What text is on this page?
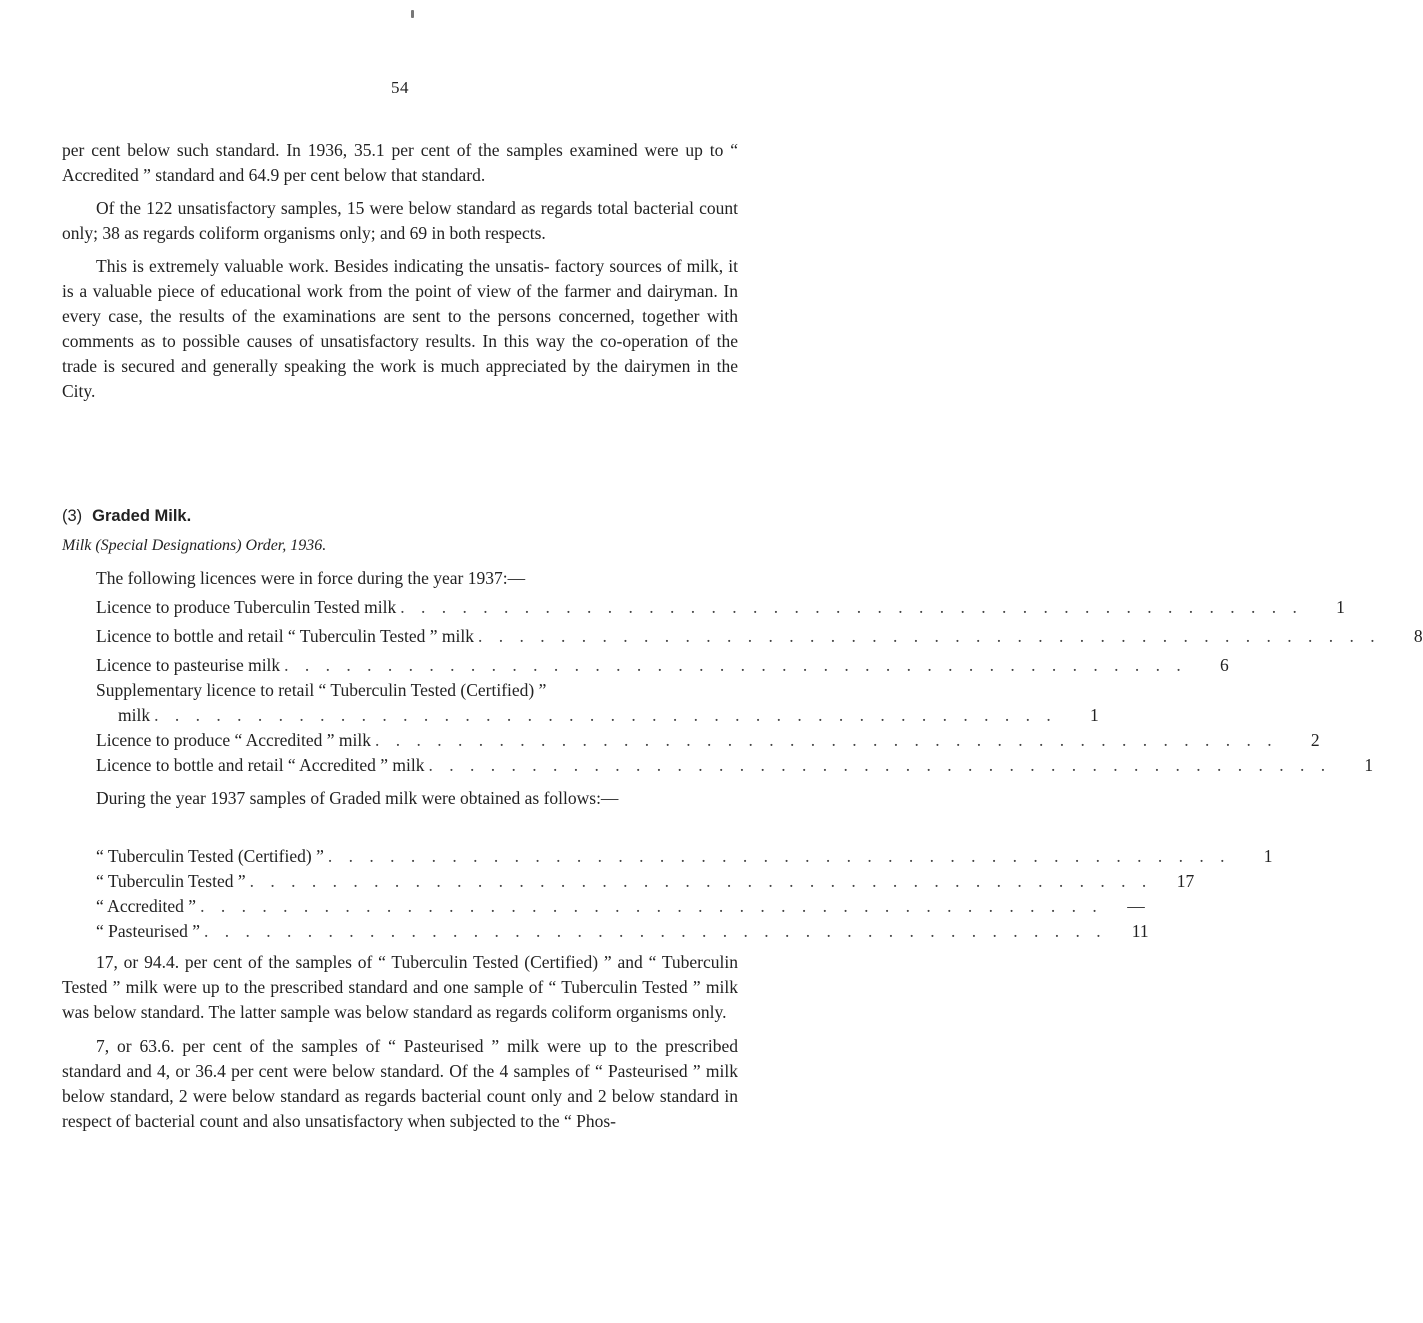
54

per cent below such standard. In 1936, 35.1 per cent of the samples examined were up to “ Accredited ” standard and 64.9 per cent below that standard.

Of the 122 unsatisfactory samples, 15 were below standard as regards total bacterial count only; 38 as regards coliform organisms only; and 69 in both respects.

This is extremely valuable work. Besides indicating the unsatis- factory sources of milk, it is a valuable piece of educational work from the point of view of the farmer and dairyman. In every case, the results of the examinations are sent to the persons concerned, together with comments as to possible causes of unsatisfactory results. In this way the co-operation of the trade is secured and generally speaking the work is much appreciated by the dairymen in the City.

(3) Graded Milk.
Milk (Special Designations) Order, 1936.
The following licences were in force during the year 1937:—
Licence to produce Tuberculin Tested milk . . . . . . . . . . . . . . . . . . . . . . . . . . . . . . . . . . . . . . . . . . . .	1
Licence to bottle and retail “ Tuberculin Tested ” milk . . . . . . . . . . . . . . . . . . . . . . . . . . . . . . . . . . . . . . . . . . . .	8
Licence to pasteurise milk . . . . . . . . . . . . . . . . . . . . . . . . . . . . . . . . . . . . . . . . . . . .	6
Supplementary licence to retail “ Tuberculin Tested (Certified) ”
milk . . . . . . . . . . . . . . . . . . . . . . . . . . . . . . . . . . . . . . . . . . . .	1
Licence to produce “ Accredited ” milk . . . . . . . . . . . . . . . . . . . . . . . . . . . . . . . . . . . . . . . . . . . .	2
Licence to bottle and retail “ Accredited ” milk . . . . . . . . . . . . . . . . . . . . . . . . . . . . . . . . . . . . . . . . . . . .	1

During the year 1937 samples of Graded milk were obtained as follows:—

“ Tuberculin Tested (Certified) ” . . . . . . . . . . . . . . . . . . . . . . . . . . . . . . . . . . . . . . . . . . . .	1
“ Tuberculin Tested ” . . . . . . . . . . . . . . . . . . . . . . . . . . . . . . . . . . . . . . . . . . . .	17
“ Accredited ” . . . . . . . . . . . . . . . . . . . . . . . . . . . . . . . . . . . . . . . . . . . .	—
“ Pasteurised ” . . . . . . . . . . . . . . . . . . . . . . . . . . . . . . . . . . . . . . . . . . . .	11

17, or 94.4. per cent of the samples of “ Tuberculin Tested (Certified) ” and “ Tuberculin Tested ” milk were up to the prescribed standard and one sample of “ Tuberculin Tested ” milk was below standard. The latter sample was below standard as regards coliform organisms only.

7, or 63.6. per cent of the samples of “ Pasteurised ” milk were up to the prescribed standard and 4, or 36.4 per cent were below standard. Of the 4 samples of “ Pasteurised ” milk below standard, 2 were below standard as regards bacterial count only and 2 below standard in respect of bacterial count and also unsatisfactory when subjected to the “ Phos-
